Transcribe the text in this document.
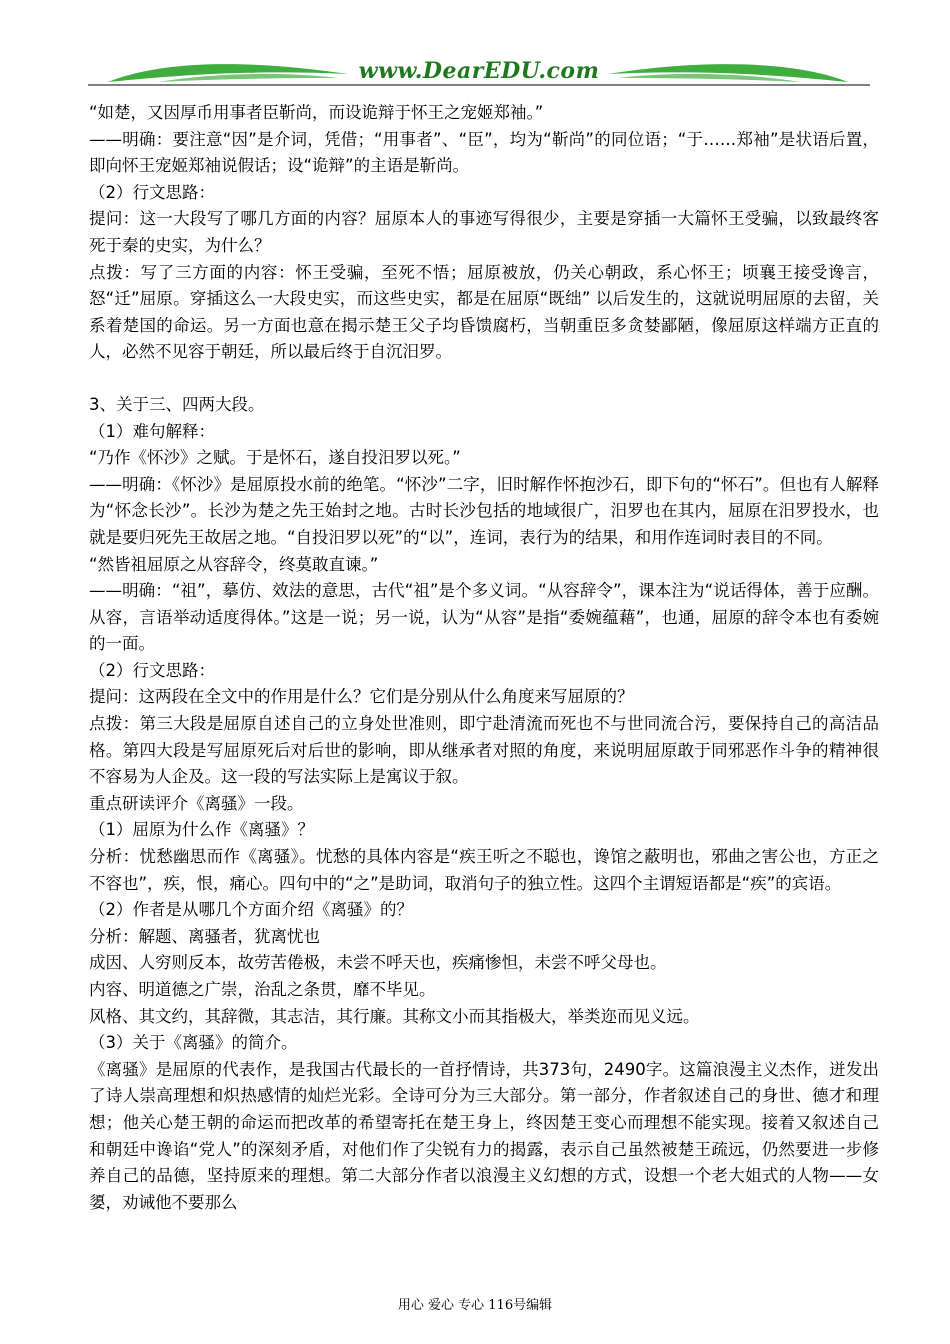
www.DearEDU.com

“如楚，又因厚币用事者臣靳尚，而设诡辩于怀王之宠姬郑袖。”

——明确：要注意“因”是介词，凭借；“用事者”、“臣”，均为“靳尚”的同位语；“于……郑袖”是状语后置，即向怀王宠姬郑袖说假话；设“诡辩”的主语是靳尚。

（2）行文思路：

提问：这一大段写了哪几方面的内容？屈原本人的事迹写得很少，主要是穿插一大篇怀王受骗，以致最终客死于秦的史实，为什么？

点拨：写了三方面的内容：怀王受骗，至死不悟；屈原被放，仍关心朝政，系心怀王；顷襄王接受谗言，怒“迁”屈原。穿插这么一大段史实，而这些史实，都是在屈原“既绌” 以后发生的，这就说明屈原的去留，关系着楚国的命运。另一方面也意在揭示楚王父子均昏馈腐朽，当朝重臣多贪婪鄙陋，像屈原这样端方正直的人，必然不见容于朝廷，所以最后终于自沉汨罗。

3、关于三、四两大段。

（1）难句解释：

“乃作《怀沙》之赋。于是怀石，遂自投汨罗以死。”

——明确：《怀沙》是屈原投水前的绝笔。“怀沙”二字，旧时解作怀抱沙石，即下句的“怀石”。但也有人解释为“怀念长沙”。长沙为楚之先王始封之地。古时长沙包括的地域很广，汨罗也在其内，屈原在汨罗投水，也就是要归死先王故居之地。“自投汨罗以死”的“以”，连词，表行为的结果，和用作连词时表目的不同。

“然皆祖屈原之从容辞令，终莫敢直谏。”

——明确：“祖”，摹仿、效法的意思，古代“祖”是个多义词。“从容辞令”，课本注为“说话得体，善于应酬。从容，言语举动适度得体。”这是一说；另一说，认为“从容”是指“委婉蕴藉”，也通，屈原的辞令本也有委婉的一面。

（2）行文思路：

提问：这两段在全文中的作用是什么？它们是分别从什么角度来写屈原的？

点拨：第三大段是屈原自述自己的立身处世准则，即宁赴清流而死也不与世同流合污，要保持自己的高洁品格。第四大段是写屈原死后对后世的影响，即从继承者对照的角度，来说明屈原敢于同邪恶作斗争的精神很不容易为人企及。这一段的写法实际上是寓议于叙。

重点研读评介《离骚》一段。

（1）屈原为什么作《离骚》？

分析：忧愁幽思而作《离骚》。忧愁的具体内容是“疾王听之不聪也，谗馆之蔽明也，邪曲之害公也，方正之不容也”，疾，恨，痛心。四句中的“之”是助词，取消句子的独立性。这四个主谓短语都是“疾”的宾语。

（2）作者是从哪几个方面介绍《离骚》的？

分析：解题、离骚者，犹离忧也

成因、人穷则反本，故劳苦倦极，未尝不呼天也，疾痛惨怛，未尝不呼父母也。

内容、明道德之广崇，治乱之条贯，靡不毕见。

风格、其文约，其辞微，其志洁，其行廉。其称文小而其指极大，举类迩而见义远。

（3）关于《离骚》的简介。

《离骚》是屈原的代表作，是我国古代最长的一首抒情诗，共373句，2490字。这篇浪漫主义杰作，迸发出了诗人崇高理想和炽热感情的灿烂光彩。全诗可分为三大部分。第一部分，作者叙述自己的身世、德才和理想；他关心楚王朝的命运而把改革的希望寄托在楚王身上，终因楚王变心而理想不能实现。接着又叙述自己和朝廷中谗谄“党人”的深刻矛盾，对他们作了尖锐有力的揭露，表示自己虽然被楚王疏远，仍然要进一步修养自己的品德，坚持原来的理想。第二大部分作者以浪漫主义幻想的方式，设想一个老大姐式的人物——女嬃，劝诫他不要那么

用心 爱心 专心 116号编辑
